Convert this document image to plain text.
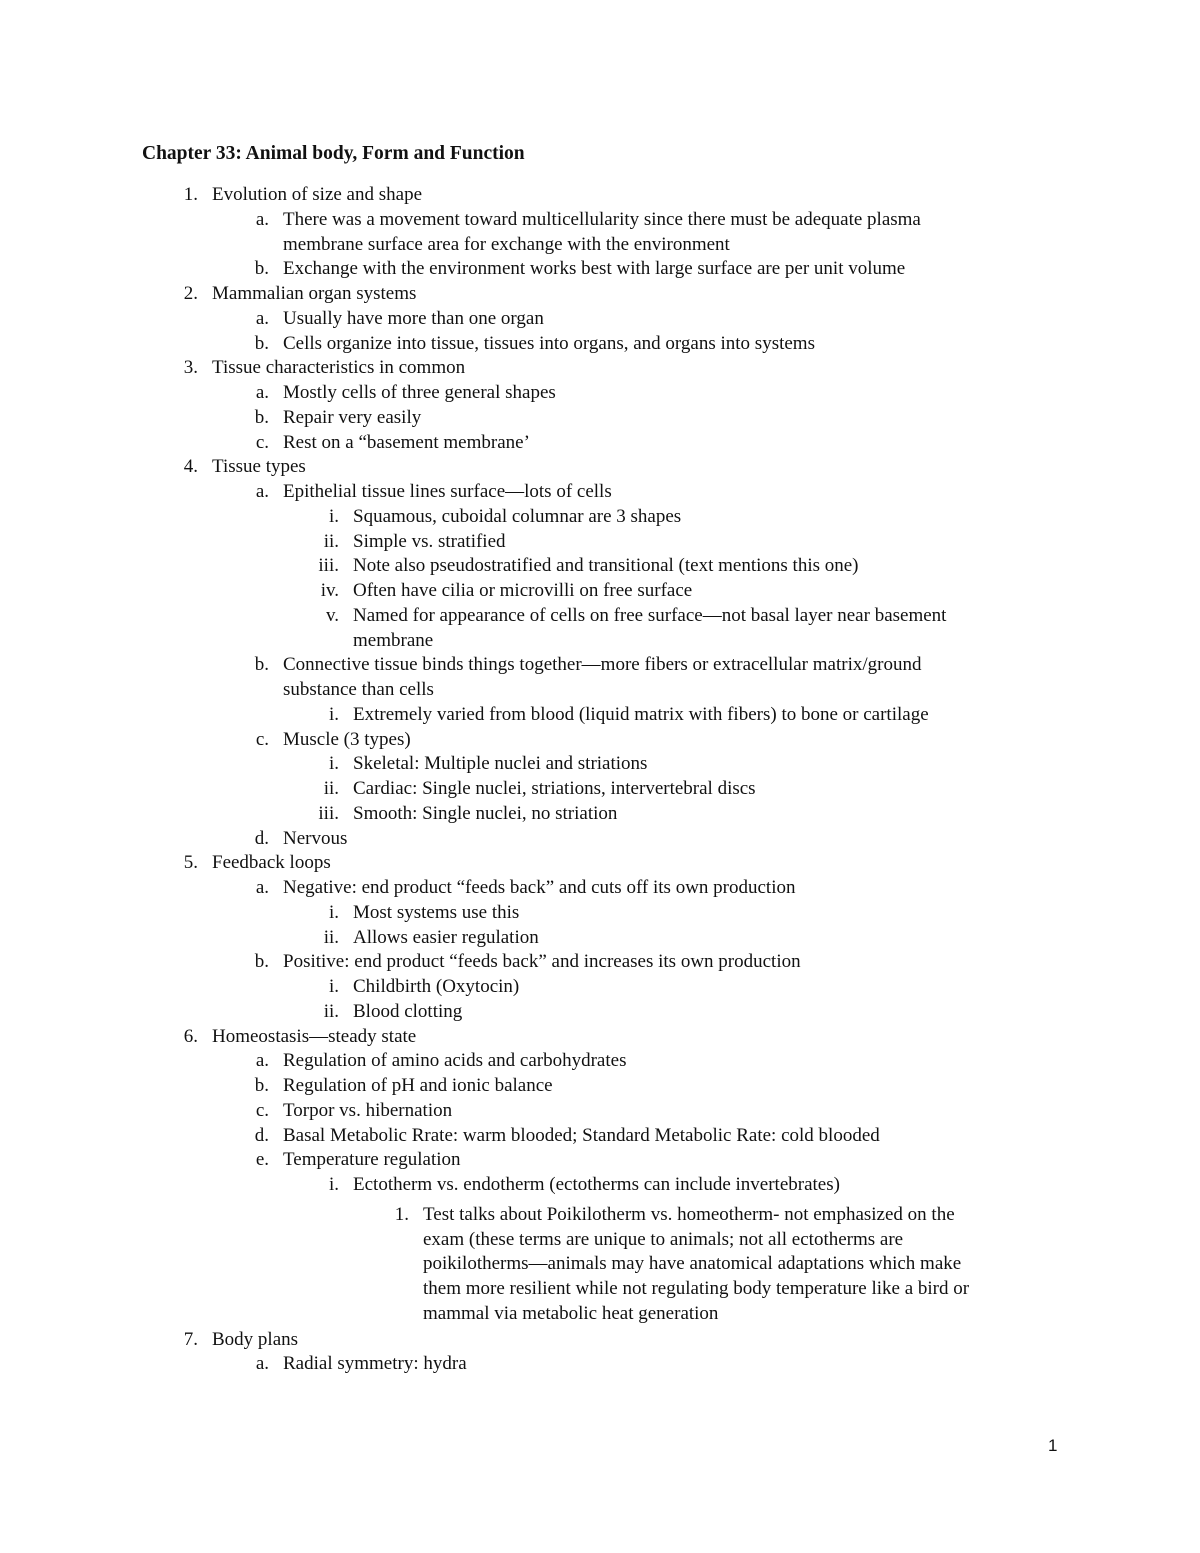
Chapter 33: Animal body, Form and Function
1. Evolution of size and shape
a. There was a movement toward multicellularity since there must be adequate plasma
membrane surface area for exchange with the environment
b. Exchange with the environment works best with large surface are per unit volume
2. Mammalian organ systems
a. Usually have more than one organ
b. Cells organize into tissue, tissues into organs, and organs into systems
3. Tissue characteristics in common
a. Mostly cells of three general shapes
b. Repair very easily
c. Rest on a “basement membrane’
4. Tissue types
a. Epithelial tissue lines surface—lots of cells
i. Squamous, cuboidal columnar are 3 shapes
ii. Simple vs. stratified
iii. Note also pseudostratified and transitional (text mentions this one)
iv. Often have cilia or microvilli on free surface
v. Named for appearance of cells on free surface—not basal layer near basement
membrane
b. Connective tissue binds things together—more fibers or extracellular matrix/ground
substance than cells
i. Extremely varied from blood (liquid matrix with fibers) to bone or cartilage
c. Muscle (3 types)
i. Skeletal: Multiple nuclei and striations
ii. Cardiac: Single nuclei, striations, intervertebral discs
iii. Smooth: Single nuclei, no striation
d. Nervous
5. Feedback loops
a. Negative: end product “feeds back” and cuts off its own production
i. Most systems use this
ii. Allows easier regulation
b. Positive: end product “feeds back” and increases its own production
i. Childbirth (Oxytocin)
ii. Blood clotting
6. Homeostasis—steady state
a. Regulation of amino acids and carbohydrates
b. Regulation of pH and ionic balance
c. Torpor vs. hibernation
d. Basal Metabolic Rrate: warm blooded; Standard Metabolic Rate: cold blooded
e. Temperature regulation
i. Ectotherm vs. endotherm (ectotherms can include invertebrates)
1. Test talks about Poikilotherm vs. homeotherm- not emphasized on the
exam (these terms are unique to animals; not all ectotherms are
poikilotherms—animals may have anatomical adaptations which make
them more resilient while not regulating body temperature like a bird or
mammal via metabolic heat generation
7. Body plans
a. Radial symmetry: hydra
1
